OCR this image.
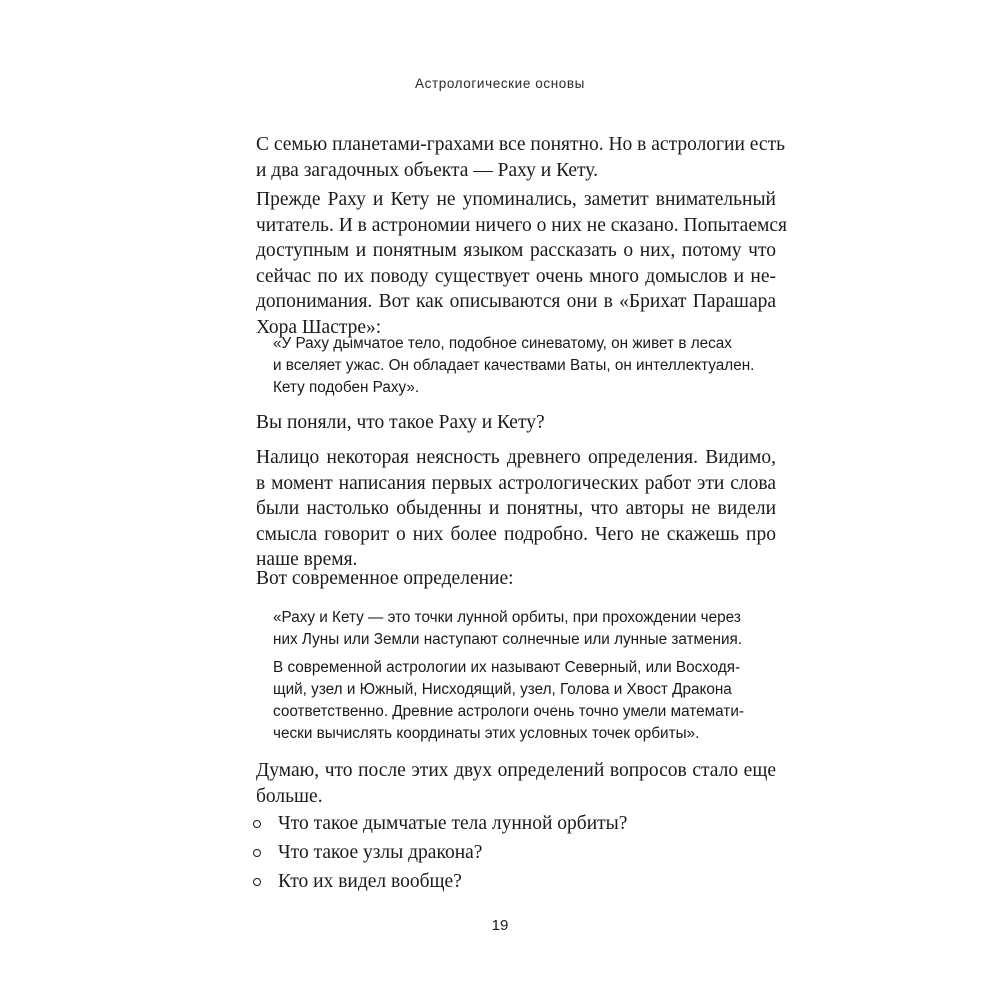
Астрологические основы

С семью планетами-грахами все понятно. Но в астрологии есть
и два загадочных объекта — Раху и Кету.

Прежде Раху и Кету не упоминались, заметит внимательный
читатель. И в астрономии ничего о них не сказано. Попытаемся
доступным и понятным языком рассказать о них, потому что
сейчас по их поводу существует очень много домыслов и не-
допонимания. Вот как описываются они в «Брихат Парашара
Хора Шастре»:

«У Раху дымчатое тело, подобное синеватому, он живет в лесах
и вселяет ужас. Он обладает качествами Ваты, он интеллектуален.
Кету подобен Раху».

Вы поняли, что такое Раху и Кету?

Налицо некоторая неясность древнего определения. Видимо,
в момент написания первых астрологических работ эти слова
были настолько обыденны и понятны, что авторы не видели
смысла говорит о них более подробно. Чего не скажешь про
наше время.

Вот современное определение:

«Раху и Кету — это точки лунной орбиты, при прохождении через
них Луны или Земли наступают солнечные или лунные затмения.

В современной астрологии их называют Северный, или Восходя-
щий, узел и Южный, Нисходящий, узел, Голова и Хвост Дракона
соответственно. Древние астрологи очень точно умели математи-
чески вычислять координаты этих условных точек орбиты».

Думаю, что после этих двух определений вопросов стало еще
больше.

Что такое дымчатые тела лунной орбиты?
Что такое узлы дракона?
Кто их видел вообще?
19
